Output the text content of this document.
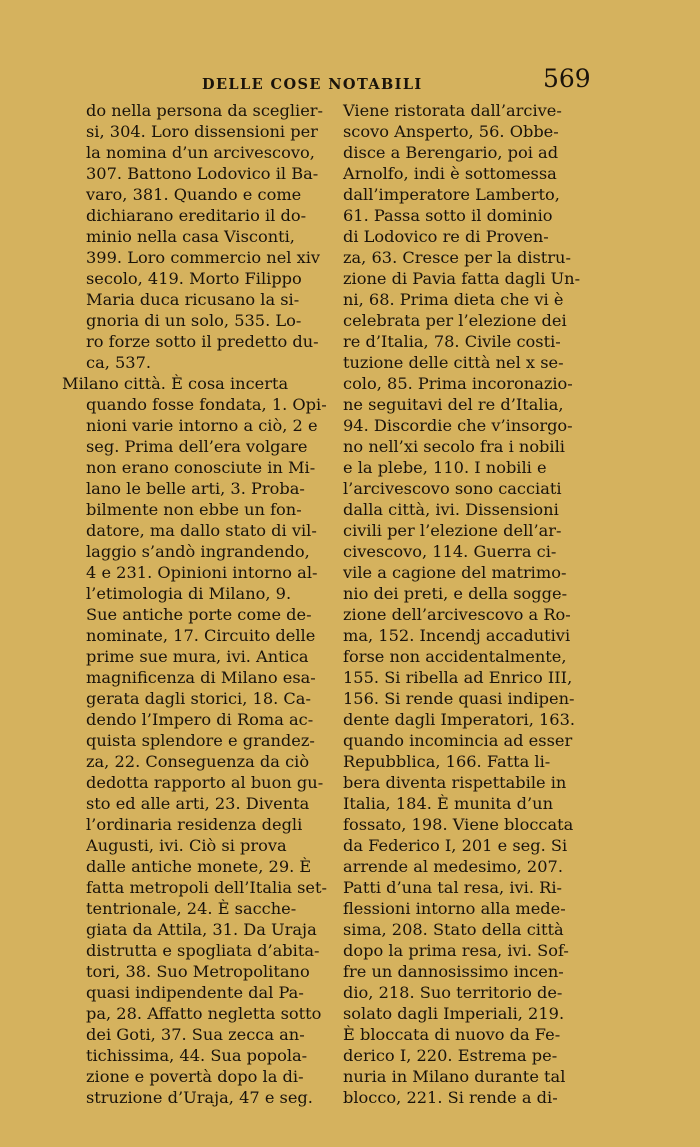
DELLE COSE NOTABILI	569
do nella persona da sceglier-
si, 304. Loro dissensioni per
la nomina d’un arcivescovo,
307. Battono Lodovico il Ba-
varo, 381. Quando e come
dichiarano ereditario il do-
minio nella casa Visconti,
399. Loro commercio nel xiv
secolo, 419. Morto Filippo
Maria duca ricusano la si-
gnoria di un solo, 535. Lo-
ro forze sotto il predetto du-
ca, 537.
Milano città. È cosa incerta
quando fosse fondata, 1. Opi-
nioni varie intorno a ciò, 2 e
seg. Prima dell’era volgare
non erano conosciute in Mi-
lano le belle arti, 3. Proba-
bilmente non ebbe un fon-
datore, ma dallo stato di vil-
laggio s’andò ingrandendo,
4 e 231. Opinioni intorno al-
l’etimologia di Milano, 9.
Sue antiche porte come de-
nominate, 17. Circuito delle
prime sue mura, ivi. Antica
magnificenza di Milano esa-
gerata dagli storici, 18. Ca-
dendo l’Impero di Roma ac-
quista splendore e grandez-
za, 22. Conseguenza da ciò
dedotta rapporto al buon gu-
sto ed alle arti, 23. Diventa
l’ordinaria residenza degli
Augusti, ivi. Ciò si prova
dalle antiche monete, 29. È
fatta metropoli dell’Italia set-
tentrionale, 24. È sacche-
giata da Attila, 31. Da Uraja
distrutta e spogliata d’abita-
tori, 38. Suo Metropolitano
quasi indipendente dal Pa-
pa, 28. Affatto negletta sotto
dei Goti, 37. Sua zecca an-
tichissima, 44. Sua popola-
zione e povertà dopo la di-
struzione d’Uraja, 47 e seg.
Viene ristorata dall’arcive-
scovo Ansperto, 56. Obbe-
disce a Berengario, poi ad
Arnolfo, indi è sottomessa
dall’imperatore Lamberto,
61. Passa sotto il dominio
di Lodovico re di Proven-
za, 63. Cresce per la distru-
zione di Pavia fatta dagli Un-
ni, 68. Prima dieta che vi è
celebrata per l’elezione dei
re d’Italia, 78. Civile costi-
tuzione delle città nel x se-
colo, 85. Prima incoronazio-
ne seguitavi del re d’Italia,
94. Discordie che v’insorgo-
no nell’xi secolo fra i nobili
e la plebe, 110. I nobili e
l’arcivescovo sono cacciati
dalla città, ivi. Dissensioni
civili per l’elezione dell’ar-
civescovo, 114. Guerra ci-
vile a cagione del matrimo-
nio dei preti, e della sogge-
zione dell’arcivescovo a Ro-
ma, 152. Incendj accadutivi
forse non accidentalmente,
155. Si ribella ad Enrico III,
156. Si rende quasi indipen-
dente dagli Imperatori, 163.
quando incomincia ad esser
Repubblica, 166. Fatta li-
bera diventa rispettabile in
Italia, 184. È munita d’un
fossato, 198. Viene bloccata
da Federico I, 201 e seg. Si
arrende al medesimo, 207.
Patti d’una tal resa, ivi. Ri-
flessioni intorno alla mede-
sima, 208. Stato della città
dopo la prima resa, ivi. Sof-
fre un dannosissimo incen-
dio, 218. Suo territorio de-
solato dagli Imperiali, 219.
È bloccata di nuovo da Fe-
derico I, 220. Estrema pe-
nuria in Milano durante tal
blocco, 221. Si rende a di-
